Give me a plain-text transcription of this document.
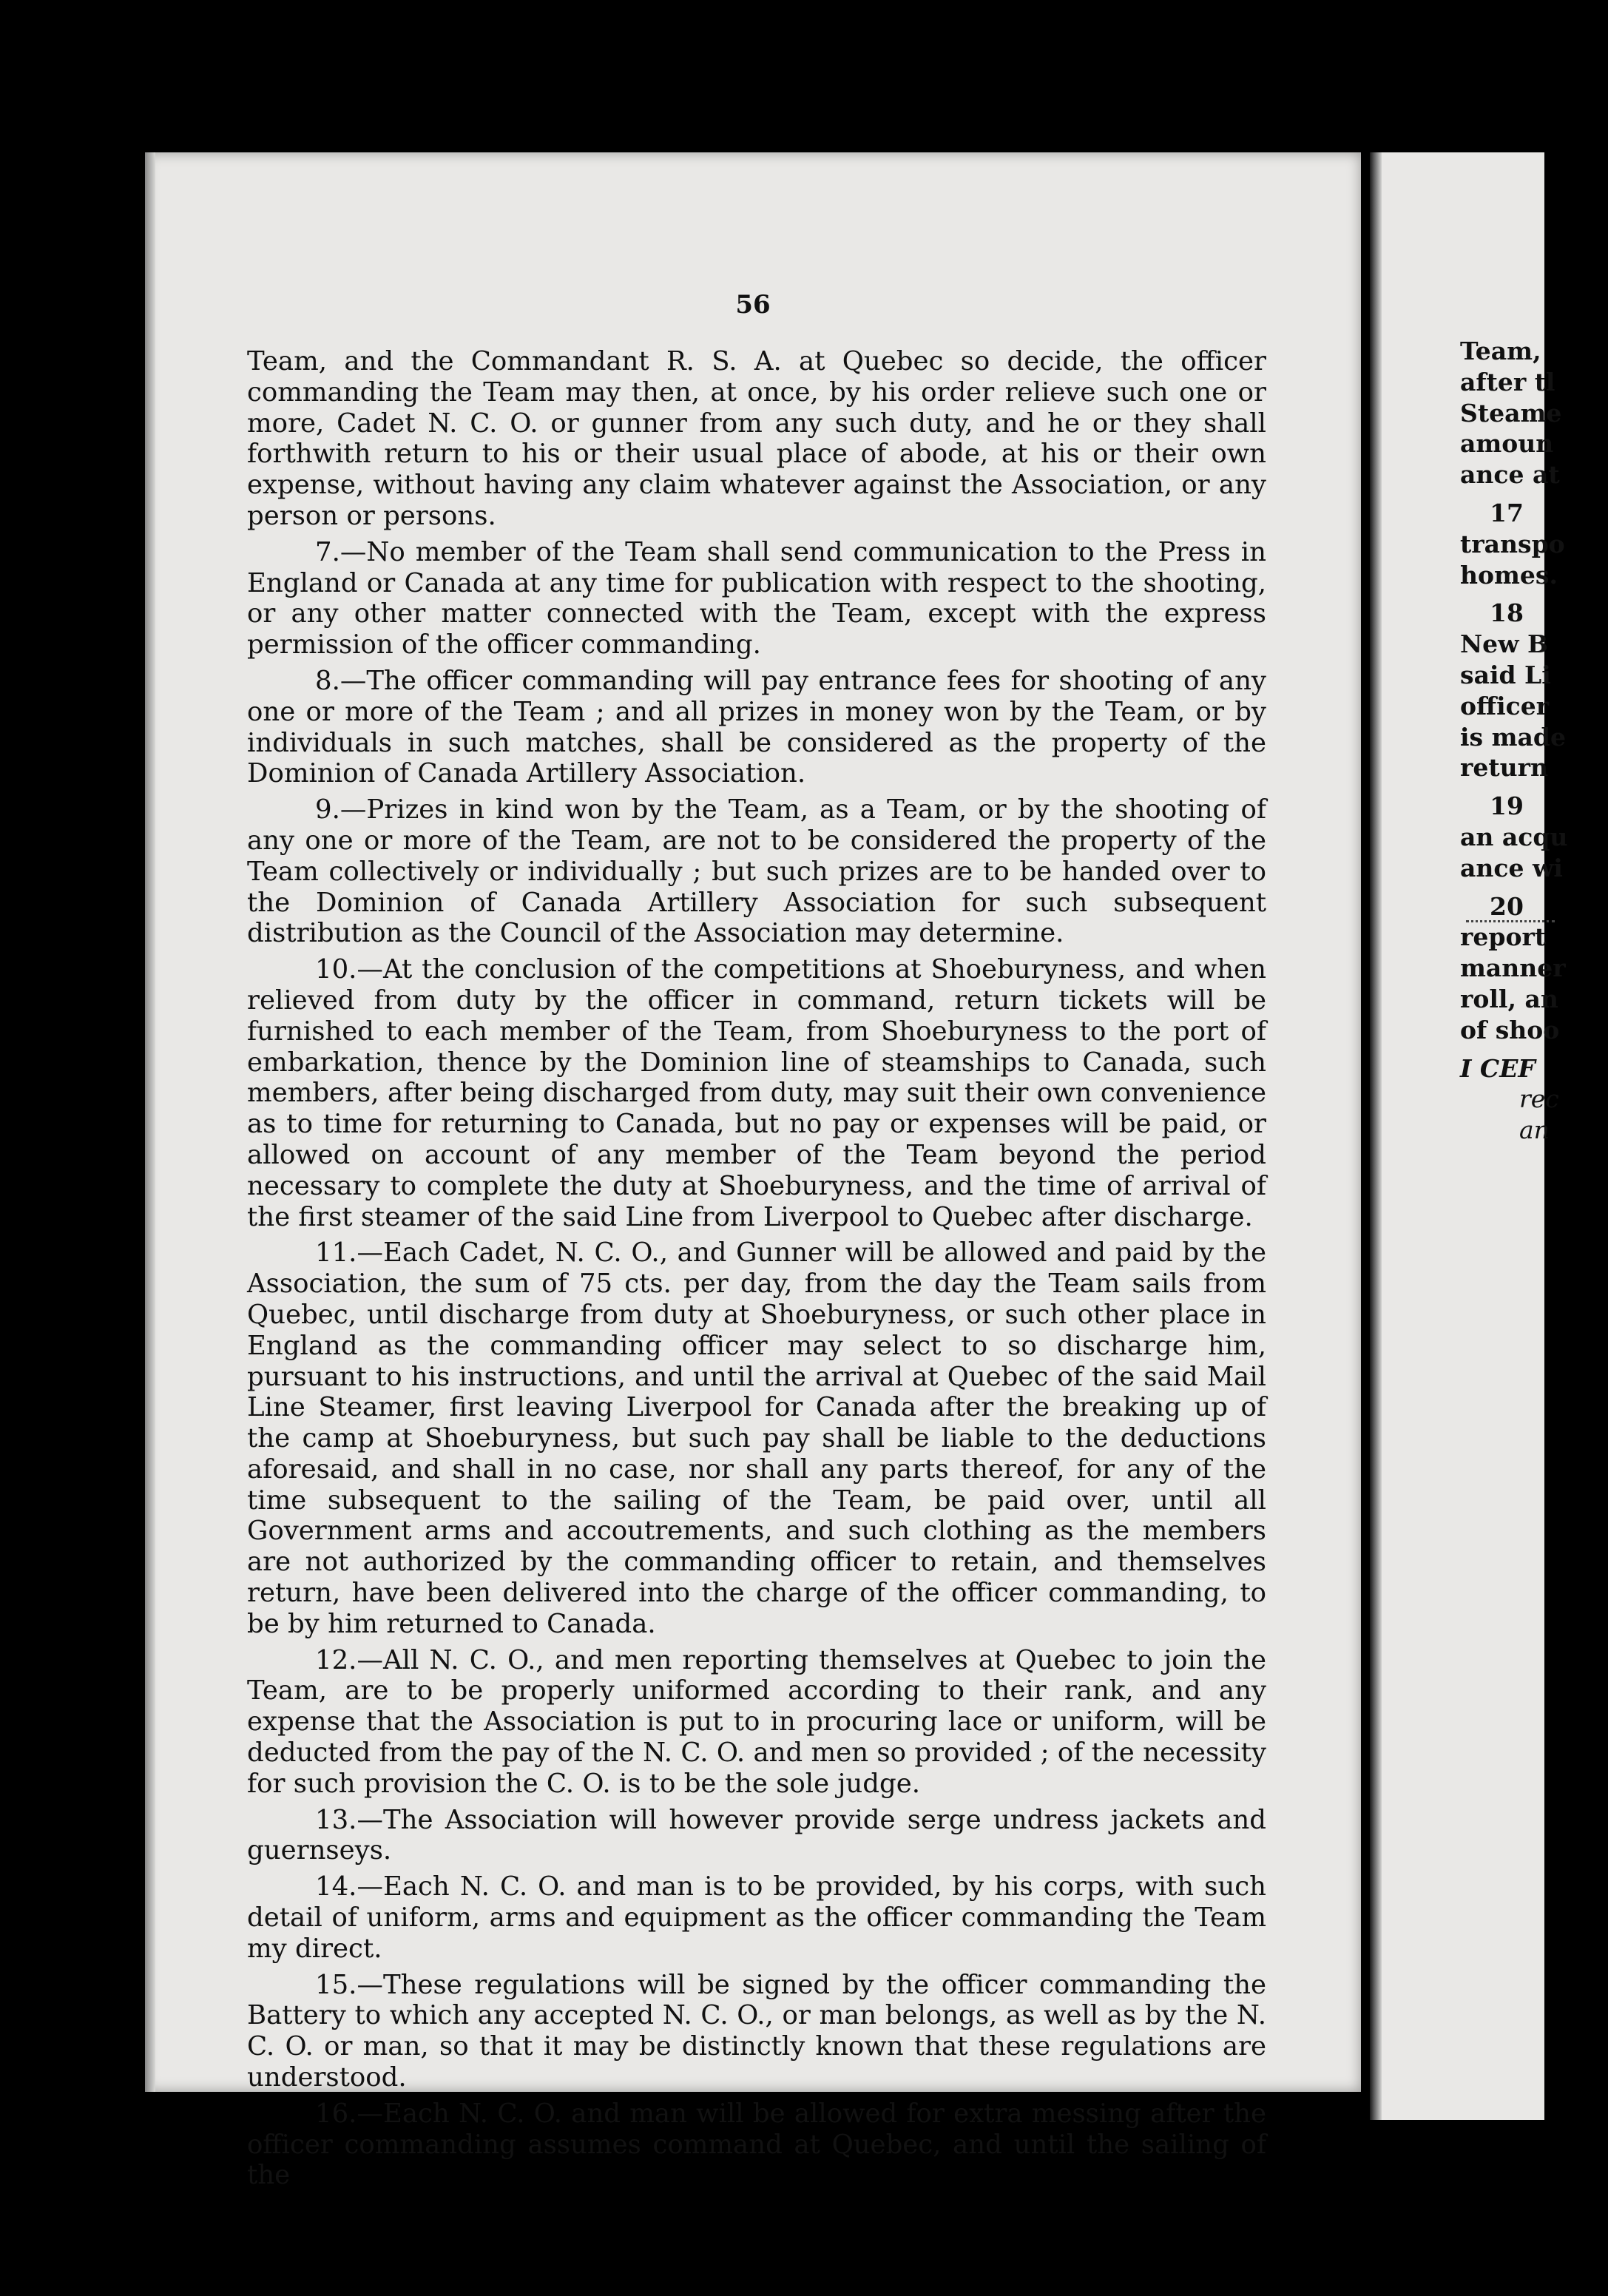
56

Team, and the Commandant R. S. A. at Quebec so decide, the officer commanding the Team may then, at once, by his order relieve such one or more, Cadet N. C. O. or gunner from any such duty, and he or they shall forthwith return to his or their usual place of abode, at his or their own expense, without having any claim whatever against the Association, or any person or persons.

7.—No member of the Team shall send communication to the Press in England or Canada at any time for publication with respect to the shooting, or any other matter connected with the Team, except with the express permission of the officer commanding.

8.—The officer commanding will pay entrance fees for shooting of any one or more of the Team ; and all prizes in money won by the Team, or by individuals in such matches, shall be considered as the property of the Dominion of Canada Artillery Association.

9.—Prizes in kind won by the Team, as a Team, or by the shooting of any one or more of the Team, are not to be considered the property of the Team collectively or individually ; but such prizes are to be handed over to the Dominion of Canada Artillery Association for such subsequent distribution as the Council of the Association may determine.

10.—At the conclusion of the competitions at Shoeburyness, and when relieved from duty by the officer in command, return tickets will be furnished to each member of the Team, from Shoeburyness to the port of embarkation, thence by the Dominion line of steamships to Canada, such members, after being discharged from duty, may suit their own convenience as to time for returning to Canada, but no pay or expenses will be paid, or allowed on account of any member of the Team beyond the period necessary to complete the duty at Shoeburyness, and the time of arrival of the first steamer of the said Line from Liverpool to Quebec after discharge.

11.—Each Cadet, N. C. O., and Gunner will be allowed and paid by the Association, the sum of 75 cts. per day, from the day the Team sails from Quebec, until discharge from duty at Shoeburyness, or such other place in England as the commanding officer may select to so discharge him, pursuant to his instructions, and until the arrival at Quebec of the said Mail Line Steamer, first leaving Liverpool for Canada after the breaking up of the camp at Shoeburyness, but such pay shall be liable to the deductions aforesaid, and shall in no case, nor shall any parts thereof, for any of the time subsequent to the sailing of the Team, be paid over, until all Government arms and accoutrements, and such clothing as the members are not authorized by the commanding officer to retain, and themselves return, have been delivered into the charge of the officer commanding, to be by him returned to Canada.

12.—All N. C. O., and men reporting themselves at Quebec to join the Team, are to be properly uniformed according to their rank, and any expense that the Association is put to in procuring lace or uniform, will be deducted from the pay of the N. C. O. and men so provided ; of the necessity for such provision the C. O. is to be the sole judge.

13.—The Association will however provide serge undress jackets and guernseys.

14.—Each N. C. O. and man is to be provided, by his corps, with such detail of uniform, arms and equipment as the officer commanding the Team my direct.

15.—These regulations will be signed by the officer commanding the Battery to which any accepted N. C. O., or man belongs, as well as by the N. C. O. or man, so that it may be distinctly known that these regulations are understood.

16.—Each N. C. O. and man will be allowed for extra messing after the officer commanding assumes command at Quebec, and until the sailing of the

Team,
after tl
Steame
amoun
ance at
17
transpo
homes.
18
New B
said Li
officer
is made
return
19
an acqu
ance wi
20
report
manner
roll, an
of shoo
I CEF
rec
an
